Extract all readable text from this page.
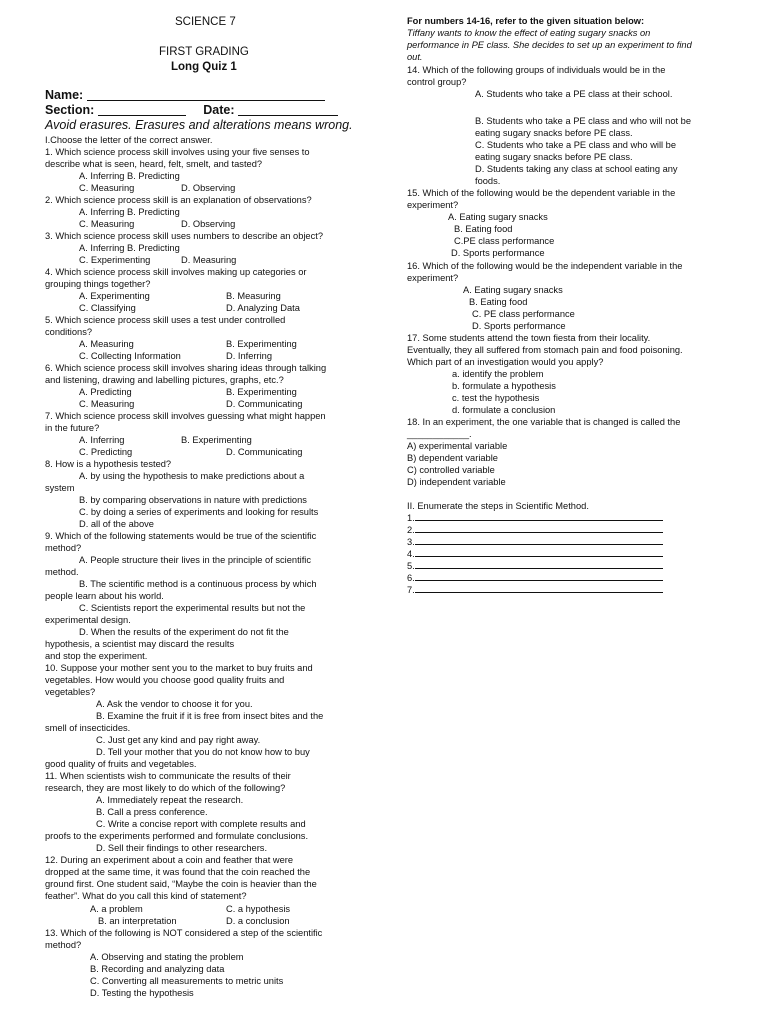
SCIENCE 7
FIRST GRADING
Long Quiz 1
Name:
Section:	Date:
Avoid erasures. Erasures and alterations means wrong.
I.Choose the letter of the correct answer.
1. Which science process skill involves using your five senses to
describe what is seen, heard, felt, smelt, and tasted?
A. Inferring B. Predicting
C. Measuring	D. Observing
2. Which science process skill is an explanation of observations?
A. Inferring B. Predicting
C. Measuring	D. Observing
3. Which science process skill uses numbers to describe an object?
A. Inferring B. Predicting
C. Experimenting	D. Measuring
4. Which science process skill involves making up categories or
grouping things together?
A. Experimenting	B. Measuring
C. Classifying	D. Analyzing Data
5. Which science process skill uses a test under controlled
conditions?
A. Measuring	B. Experimenting
C. Collecting Information	D. Inferring
6. Which science process skill involves sharing ideas through talking
and listening, drawing and labelling pictures, graphs, etc.?
A. Predicting	B. Experimenting
C. Measuring	D. Communicating
7. Which science process skill involves guessing what might happen
in the future?
A. Inferring	B. Experimenting
C. Predicting	D. Communicating
8. How is a hypothesis tested?
A. by using the hypothesis to make predictions about a
system
B. by comparing observations in nature with predictions
C. by doing a series of experiments and looking for results
D. all of the above
9. Which of the following statements would be true of the scientific
method?
A. People structure their lives in the principle of scientific
method.
B. The scientific method is a continuous process by which
people learn about his world.
C. Scientists report the experimental results but not the
experimental design.
D. When the results of the experiment do not fit the
hypothesis, a scientist may discard the results
and stop the experiment.
10. Suppose your mother sent you to the market to buy fruits and
vegetables. How would you choose good quality fruits and
vegetables?
A. Ask the vendor to choose it for you.
B. Examine the fruit if it is free from insect bites and the
smell of insecticides.
C. Just get any kind and pay right away.
D. Tell your mother that you do not know how to buy
good quality of fruits and vegetables.
11. When scientists wish to communicate the results of their
research, they are most likely to do which of the following?
A. Immediately repeat the research.
B. Call a press conference.
C. Write a concise report with complete results and
proofs to the experiments performed and formulate conclusions.
D. Sell their findings to other researchers.
12. During an experiment about a coin and feather that were
dropped at the same time, it was found that the coin reached the
ground first. One student said, “Maybe the coin is heavier than the
feather”. What do you call this kind of statement?
A. a problem	C. a hypothesis
B. an interpretation	D. a conclusion
13. Which of the following is NOT considered a step of the scientific
method?
A. Observing and stating the problem
B. Recording and analyzing data
C. Converting all measurements to metric units
D. Testing the hypothesis
For numbers 14-16, refer to the given situation below:
Tiffany wants to know the effect of eating sugary snacks on
performance in PE class. She decides to set up an experiment to find
out.
14. Which of the following groups of individuals would be in the
control group?
A. Students who take a PE class at their school.
B. Students who take a PE class and who will not be
eating sugary snacks before PE class.
C. Students who take a PE class and who will be
eating sugary snacks before PE class.
D. Students taking any class at school eating any
foods.
15. Which of the following would be the dependent variable in the
experiment?
A. Eating sugary snacks
B. Eating food
C.PE class performance
D. Sports performance
16. Which of the following would be the independent variable in the
experiment?
A. Eating sugary snacks
B. Eating food
C. PE class performance
D. Sports performance
17. Some students attend the town fiesta from their locality.
Eventually, they all suffered from stomach pain and food poisoning.
Which part of an investigation would you apply?
a. identify the problem
b. formulate a hypothesis
c. test the hypothesis
d. formulate a conclusion
18. In an experiment, the one variable that is changed is called the
____________.
A) experimental variable
B) dependent variable
C) controlled variable
D) independent variable
II. Enumerate the steps in Scientific Method.
1.
2.
3.
4.
5.
6.
7.
